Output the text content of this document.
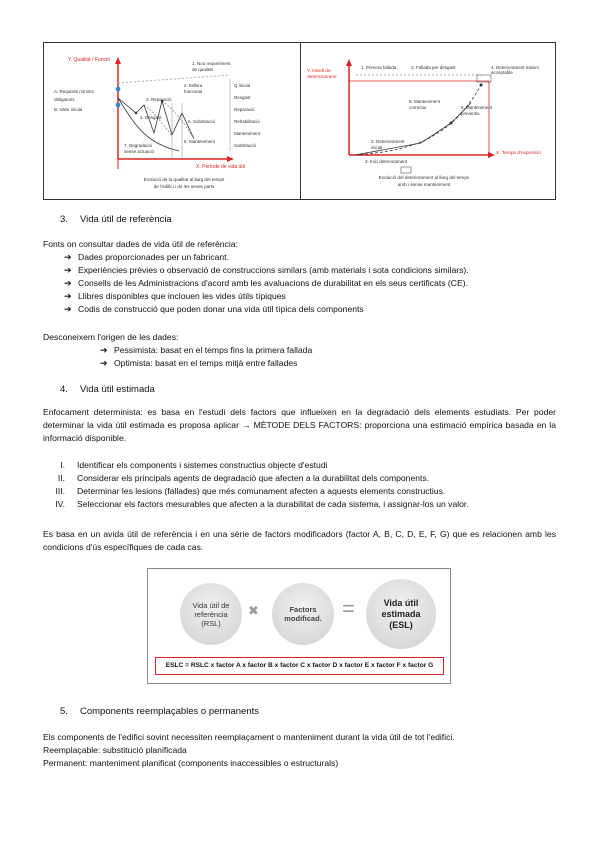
A. Requisits mínims
obligatoris
B. Valor inicial
1. Nou requeriment
de qualitat
2. Millora
funcional
3. Reparació
4. Desgast
5. Substitució
6. Manteniment
7. Degradació
sense actuació
Q inicial
Desgast
Reparació
Rehabilitació
Manteniment
Substitució
Y. Qualitat / Funció
X. Període de vida útil
Evolució de la qualitat al llarg del temps
de l'edifici i de les seves parts
1. Primera fallada	3. Fallada per desgast	4. Deteriorament màxim
acceptable
5. Manteniment
preventiu
6. Manteniment
correctiu
2. Deteriorament
inicial
3. Inici deteriorament
Y. Nivell de deteriorament
X. Temps d'exposició
Evolució del deteriorament al llarg del temps
amb i sense manteniment
3. Vida útil de referència
Fonts on consultar dades de vida útil de referència:
➔ Dades proporcionades per un fabricant.
➔ Experiències prèvies o observació de construccions similars (amb materials i sota condicions similars).
➔ Consells de les Administracions d'acord amb les avaluacions de durabilitat en els seus certificats (CE).
➔ Llibres disponibles que inclouen les vides útils típiques
➔ Codis de construcció que poden donar una vida útil típica dels components
Desconeixem l'origen de les dades:
➔ Pessimista: basat en el temps fins la primera fallada
➔ Optimista: basat en el temps mitjà entre fallades
4. Vida útil estimada
Enfocament determinista: es basa en l'estudi dels factors que influeixen en la degradació dels elements estudiats. Per poder determinar la vida útil estimada es proposa aplicar → MÈTODE DELS FACTORS: proporciona una estimació empírica basada en la informació disponible.
I. Identificar els components i sistemes constructius objecte d'estudi
II. Considerar els principals agents de degradació que afecten a la durabilitat dels components.
III. Determinar les lesions (fallades) que més comunament afecten a aquests elements constructius.
IV. Seleccionar els factors mesurables que afecten a la durabilitat de cada sistema, i assignar-los un valor.
Es basa en un avida útil de referència i en una sèrie de factors modificadors (factor A, B, C, D, E, F, G) que es relacionen amb les condicions d'ús específiques de cada cas.
Vida útil de referència (RSL)
✖	Factors modificad. =	Vida útil estimada (ESL)
ESLC = RSLC x factor A x factor B x factor C x factor D x factor E x factor F x factor G
5. Components reemplaçables o permanents
Els components de l'edifici sovint necessiten reemplaçament o manteniment durant la vida útil de tot l'edifici.
Reemplaçable: substitució planificada
Permanent: manteniment planificat (components inaccessibles o estructurals)
